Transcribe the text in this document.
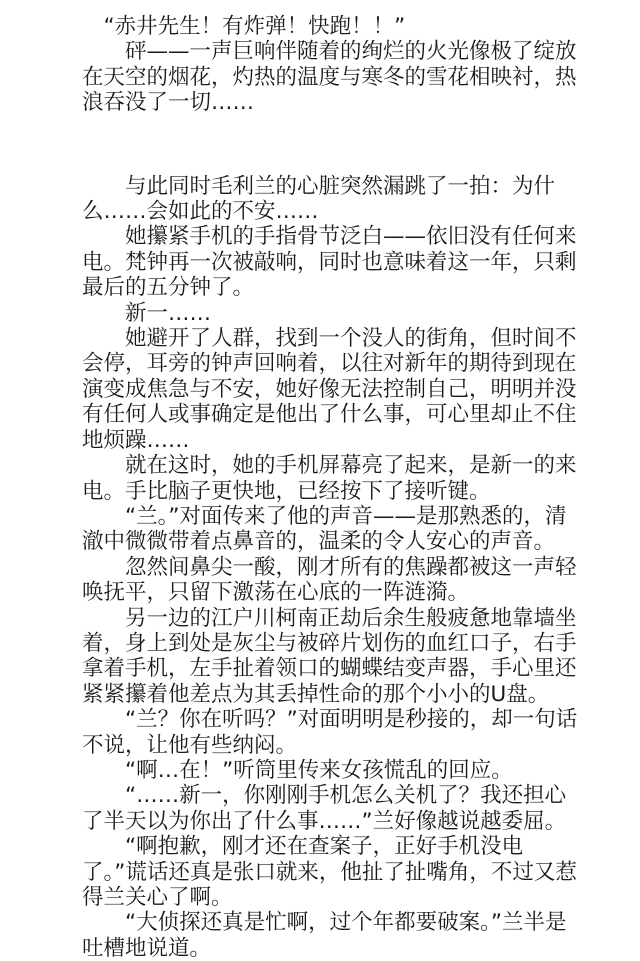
“赤井先生！有炸弹！快跑！！”

砰——一声巨响伴随着的绚烂的火光像极了绽放在天空的烟花，灼热的温度与寒冬的雪花相映衬，热浪吞没了一切……

与此同时毛利兰的心脏突然漏跳了一拍：为什么……会如此的不安……

她攥紧手机的手指骨节泛白——依旧没有任何来电。梵钟再一次被敲响，同时也意味着这一年，只剩最后的五分钟了。

新一……

她避开了人群，找到一个没人的街角，但时间不会停，耳旁的钟声回响着，以往对新年的期待到现在演变成焦急与不安，她好像无法控制自己，明明并没有任何人或事确定是他出了什么事，可心里却止不住地烦躁……

就在这时，她的手机屏幕亮了起来，是新一的来电。手比脑子更快地，已经按下了接听键。

“兰。”对面传来了他的声音——是那熟悉的，清澈中微微带着点鼻音的，温柔的令人安心的声音。

忽然间鼻尖一酸，刚才所有的焦躁都被这一声轻唤抚平，只留下激荡在心底的一阵涟漪。

另一边的江户川柯南正劫后余生般疲惫地靠墙坐着，身上到处是灰尘与被碎片划伤的血红口子，右手拿着手机，左手扯着领口的蝴蝶结变声器，手心里还紧紧攥着他差点为其丢掉性命的那个小小的U盘。

“兰？你在听吗？”对面明明是秒接的，却一句话不说，让他有些纳闷。

“啊…在！”听筒里传来女孩慌乱的回应。

“……新一，你刚刚手机怎么关机了？我还担心了半天以为你出了什么事……”兰好像越说越委屈。

“啊抱歉，刚才还在查案子，正好手机没电了。”谎话还真是张口就来，他扯了扯嘴角，不过又惹得兰关心了啊。

“大侦探还真是忙啊，过个年都要破案。”兰半是吐槽地说道。
